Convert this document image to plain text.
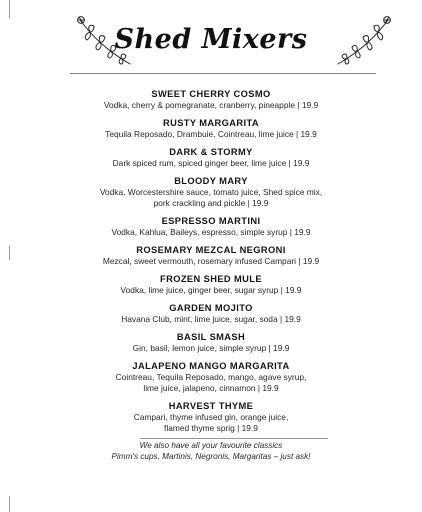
Shed Mixers
SWEET CHERRY COSMO
Vodka, cherry & pomegranate, cranberry, pineapple | 19.9
RUSTY MARGARITA
Tequila Reposado, Drambuie, Cointreau, lime juice | 19.9
DARK & STORMY
Dark spiced rum, spiced ginger beer, lime juice | 19.9
BLOODY MARY
Vodka, Worcestershire sauce, tomato juice, Shed spice mix,
pork crackling and pickle | 19.9
ESPRESSO MARTINI
Vodka, Kahlua, Baileys, espresso, simple syrup | 19.9
ROSEMARY MEZCAL NEGRONI
Mezcal, sweet vermouth, rosemary infused Campari | 19.9
FROZEN SHED MULE
Vodka, lime juice, ginger beer, sugar syrup | 19.9
GARDEN MOJITO
Havana Club, mint, lime juice, sugar, soda | 19.9
BASIL SMASH
Gin, basil, lemon juice, simple syrup | 19.9
JALAPENO MANGO MARGARITA
Cointreau, Tequila Reposado, mango, agave syrup,
lime juice, jalapeno, cinnamon | 19.9
HARVEST THYME
Campari, thyme infused gin, orange juice,
flamed thyme sprig | 19.9
We also have all your favourite classics
Pimm's cups, Martinis, Negronis, Margaritas – just ask!
